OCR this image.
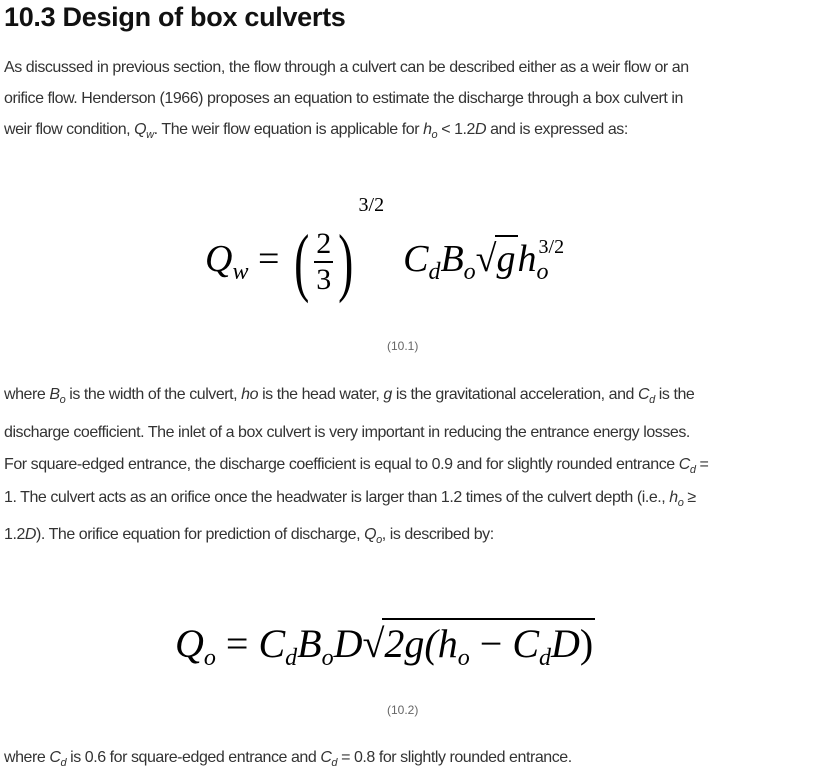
10.3 Design of box culverts
As discussed in previous section, the flow through a culvert can be described either as a weir flow or an
orifice flow. Henderson (1966) proposes an equation to estimate the discharge through a box culvert in
weir flow condition, $Q_w$. The weir flow equation is applicable for $h_o < 1.2D$ and is expressed as:
$Q_w$ = ( $\frac{2}{3} )^{3/2}$  $C_dB_o√gh_o^{3/2}$
(10.1)
where $B_o$ is the width of the culvert, ho is the head water, g is the gravitational acceleration, and $C_d$ is the
discharge coefficient. The inlet of a box culvert is very important in reducing the entrance energy losses.
For square-edged entrance, the discharge coefficient is equal to 0.9 and for slightly rounded entrance $C_d$ =
1. The culvert acts as an orifice once the headwater is larger than 1.2 times of the culvert depth (i.e., $h_o$ ≥
1.2D). The orifice equation for prediction of discharge, $Q_o$, is described by:
$Q_o = C_dB_oD√2g(h_o - C_dD)$
(10.2)
where $C_d$ is 0.6 for square-edged entrance and $C_d = 0.8$ for slightly rounded entrance.
